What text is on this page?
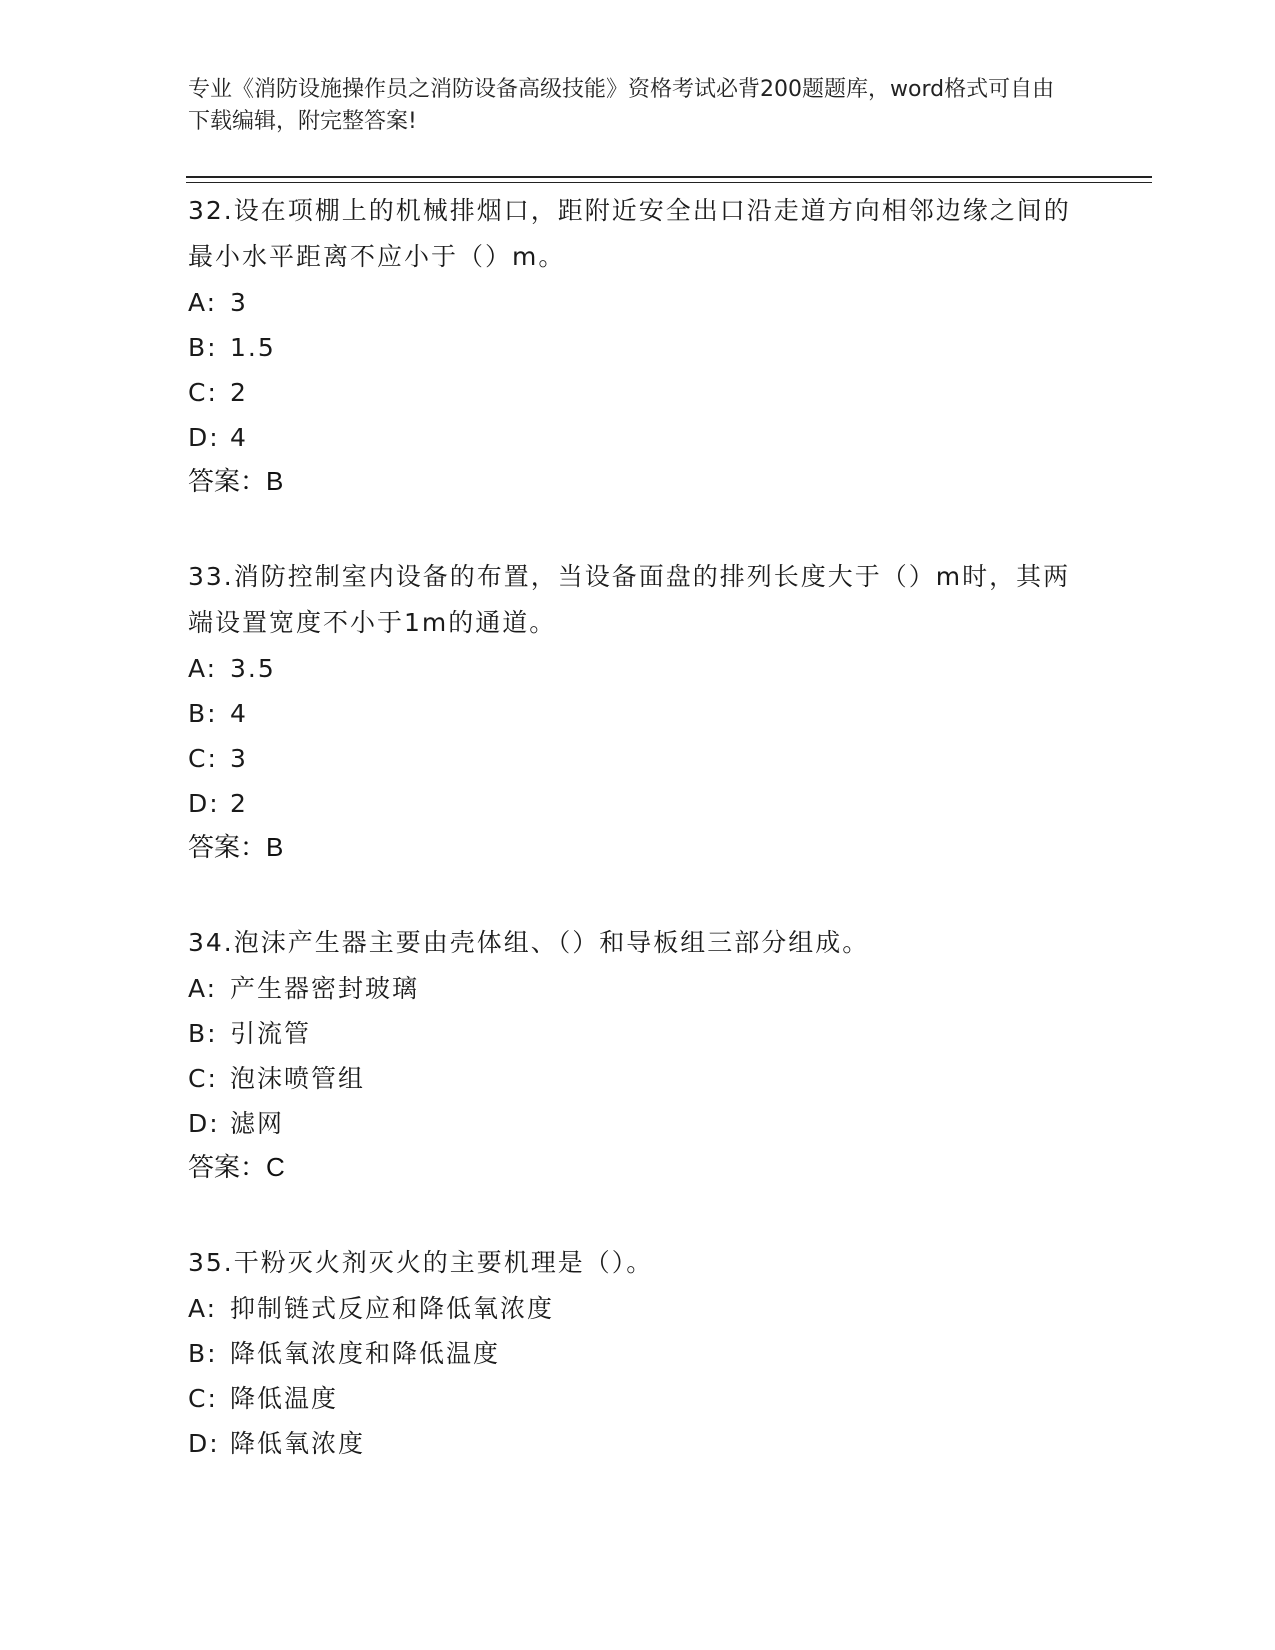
专业《消防设施操作员之消防设备高级技能》资格考试必背200题题库，word格式可自由下载编辑，附完整答案!
32.设在项棚上的机械排烟口，距附近安全出口沿走道方向相邻边缘之间的最小水平距离不应小于（）m。
A: 3
B: 1.5
C: 2
D: 4
答案：B
33.消防控制室内设备的布置，当设备面盘的排列长度大于（）m时，其两端设置宽度不小于1m的通道。
A: 3.5
B: 4
C: 3
D: 2
答案：B
34.泡沫产生器主要由壳体组、（）和导板组三部分组成。
A: 产生器密封玻璃
B: 引流管
C: 泡沫喷管组
D: 滤网
答案：C
35.干粉灭火剂灭火的主要机理是（）。
A: 抑制链式反应和降低氧浓度
B: 降低氧浓度和降低温度
C: 降低温度
D: 降低氧浓度
